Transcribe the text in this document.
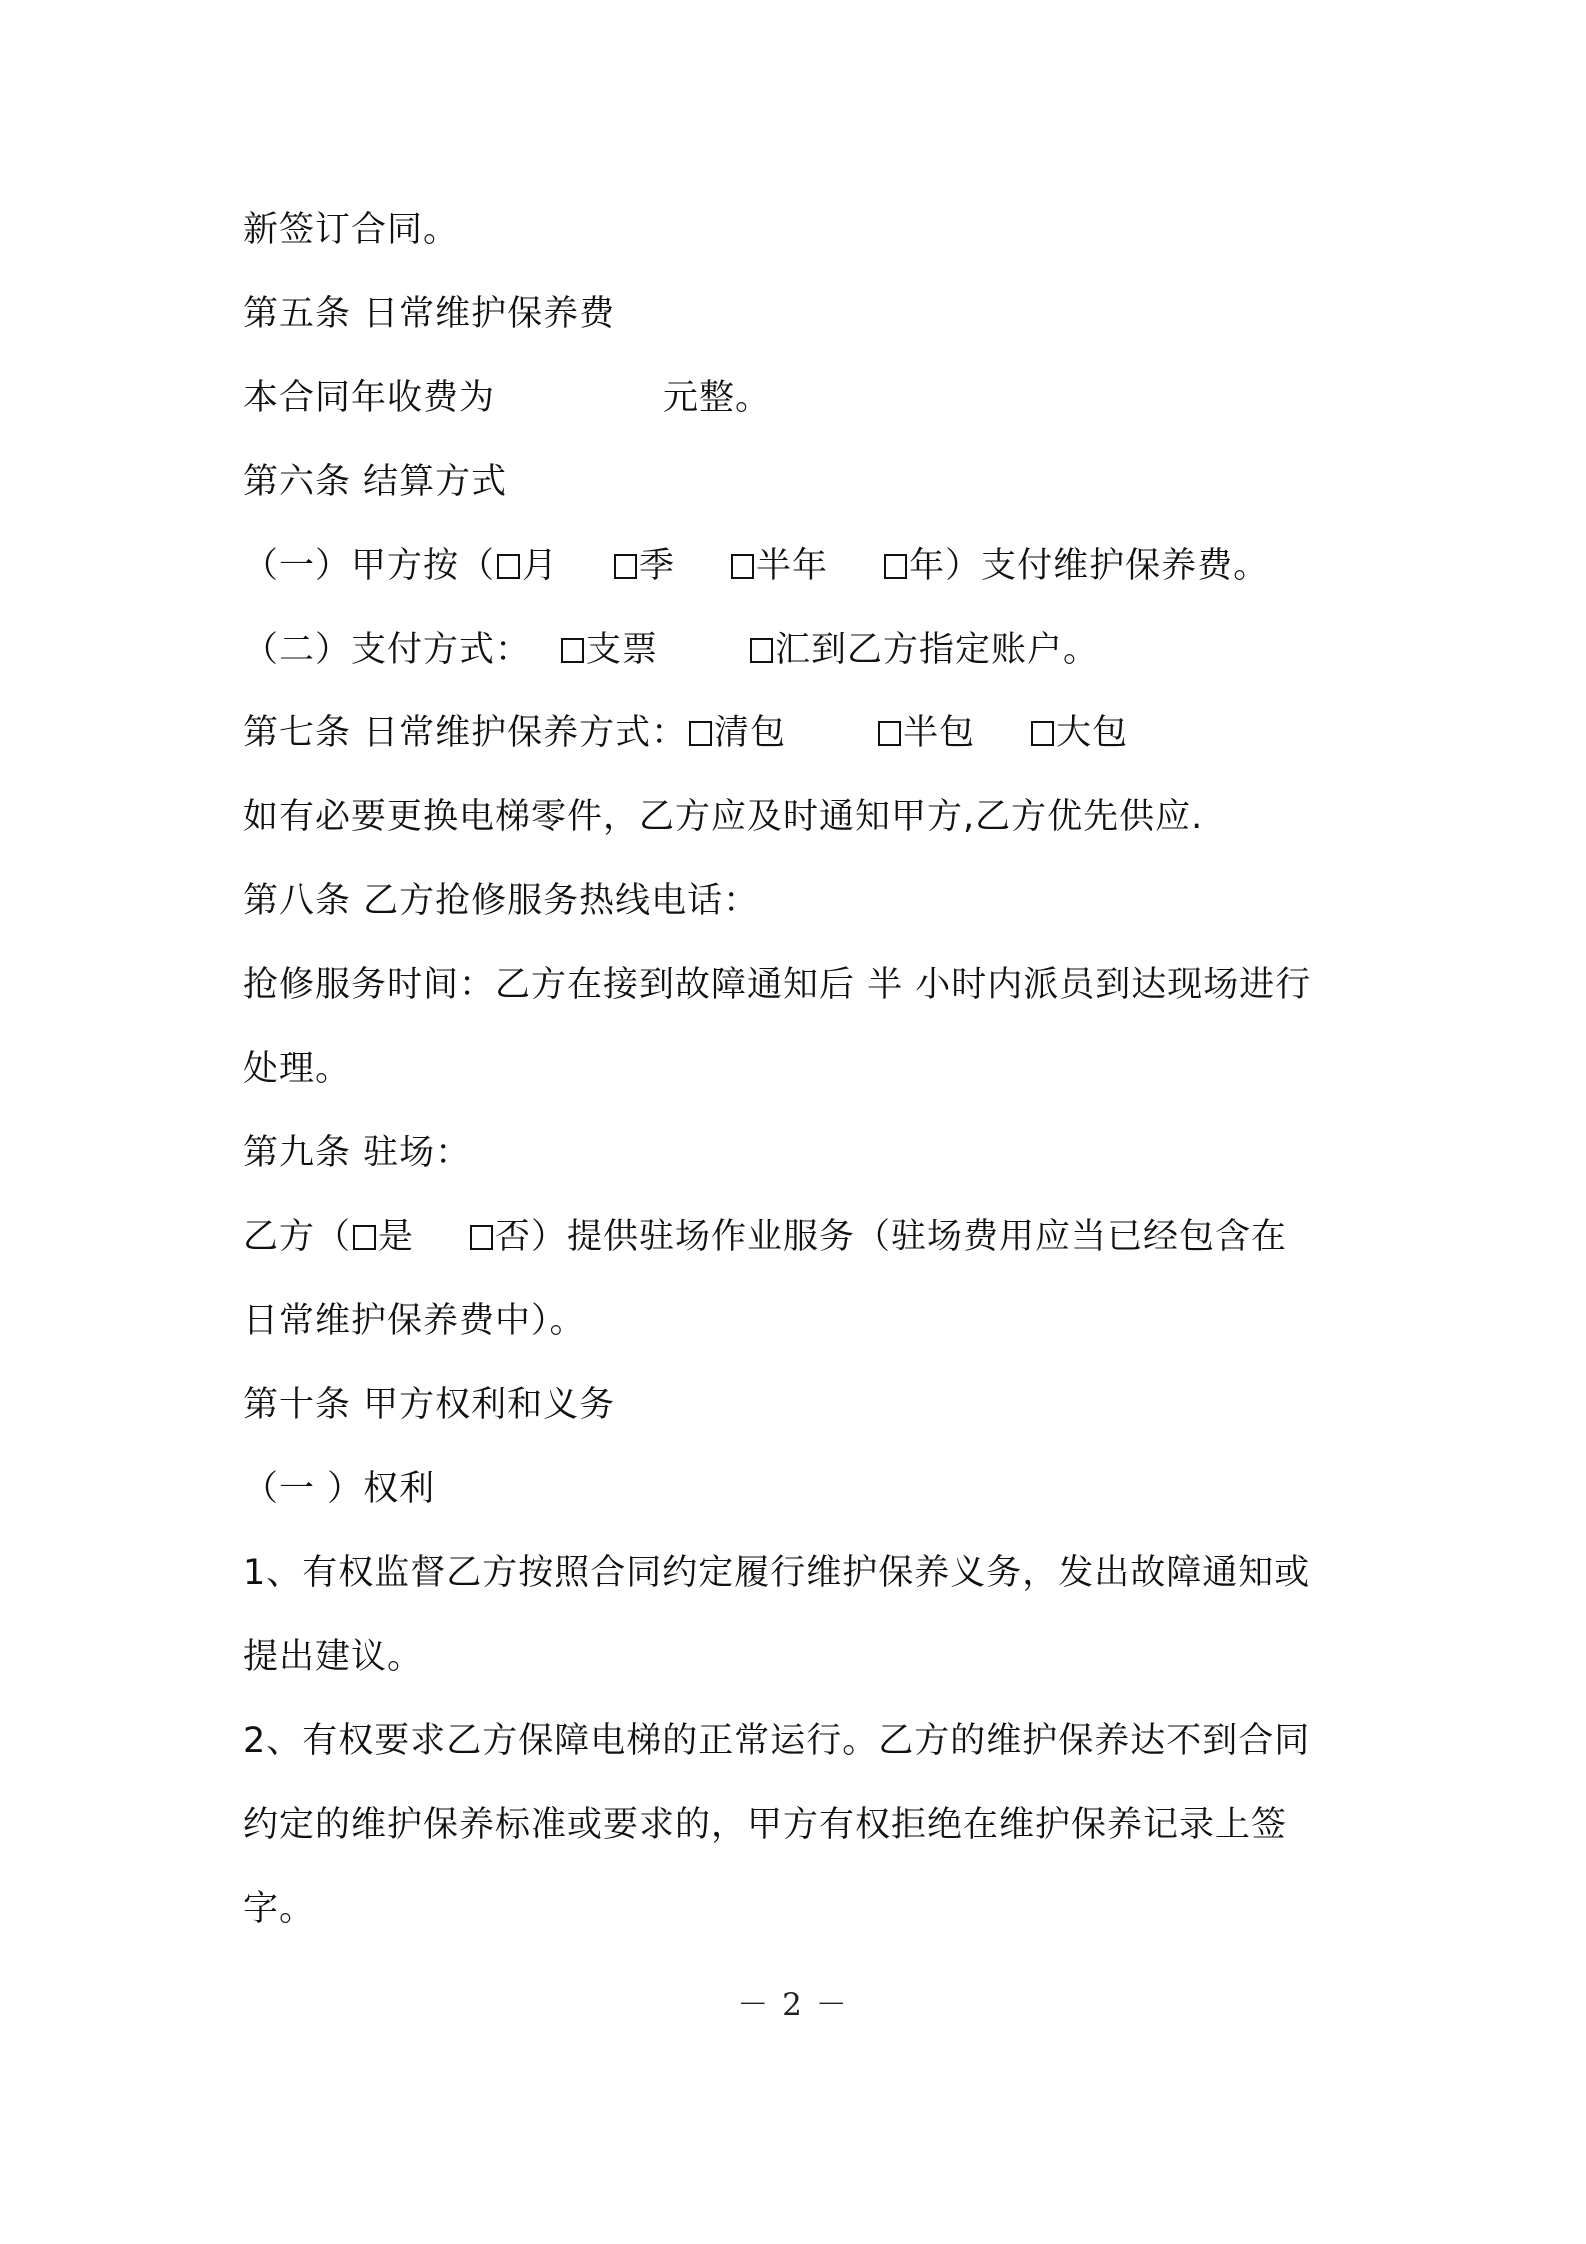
新签订合同。
第五条 日常维护保养费
本合同年收费为	元整。
第六条 结算方式
（一）甲方按（ 月 季 半年 年）支付维护保养费。
（二）支付方式： 支票	汇到乙方指定账户。
第七条 日常维护保养方式： 清包	半包 大包
如有必要更换电梯零件，乙方应及时通知甲方,乙方优先供应.
第八条 乙方抢修服务热线电话：
抢修服务时间：乙方在接到故障通知后 半 小时内派员到达现场进行
处理。
第九条 驻场：
乙方（ 是 否）提供驻场作业服务（驻场费用应当已经包含在
日常维护保养费中）。
第十条 甲方权利和义务
（一 ）权利
1、有权监督乙方按照合同约定履行维护保养义务，发出故障通知或
提出建议。
2、有权要求乙方保障电梯的正常运行。乙方的维护保养达不到合同
约定的维护保养标准或要求的，甲方有权拒绝在维护保养记录上签
字。
－ 2 －
